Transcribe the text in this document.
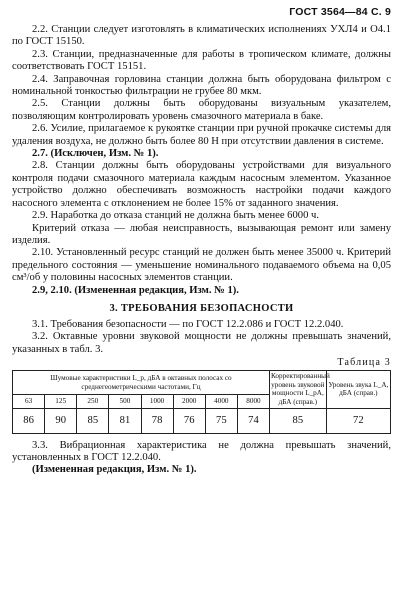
ГОСТ 3564—84 С. 9

2.2. Станции следует изготовлять в климатических исполнениях УХЛ4 и О4.1 по ГОСТ 15150.

2.3. Станции, предназначенные для работы в тропическом климате, должны соответствовать ГОСТ 15151.

2.4. Заправочная горловина станции должна быть оборудована фильтром с номинальной тонкостью фильтрации не грубее 80 мкм.

2.5. Станции должны быть оборудованы визуальным указателем, позволяющим контролировать уровень смазочного материала в баке.

2.6. Усилие, прилагаемое к рукоятке станции при ручной прокачке системы для удаления воздуха, не должно быть более 80 Н при отсутствии давления в системе.

2.7. (Исключен, Изм. № 1).

2.8. Станции должны быть оборудованы устройствами для визуального контроля подачи смазочного материала каждым насосным элементом. Указанное устройство должно обеспечивать возможность настройки подачи каждого насосного элемента с отклонением не более 15% от заданного значения.

2.9. Наработка до отказа станций не должна быть менее 6000 ч.

Критерий отказа — любая неисправность, вызывающая ремонт или замену изделия.

2.10. Установленный ресурс станций не должен быть менее 35000 ч. Критерий предельного состояния — уменьшение номинального подаваемого объема на 0,05 см³/об у половины насосных элементов станции.

2.9, 2.10. (Измененная редакция, Изм. № 1).

3. ТРЕБОВАНИЯ БЕЗОПАСНОСТИ

3.1. Требования безопасности — по ГОСТ 12.2.086 и ГОСТ 12.2.040.

3.2. Октавные уровни звуковой мощности не должны превышать значений, указанных в табл. 3.

Таблица 3
Шумовые характеристики L_p, дБА в октавных полосах со среднегеометрическими частотами, Гц								Корректированный уровень звуковой мощности L_pA, дБА (справ.)	Уровень звука L_A, дБА (справ.)
63	125	250	500	1000	2000	4000	8000		
86	90	85	81	78	76	75	74	85	72

3.3. Вибрационная характеристика не должна превышать значений, установленных в ГОСТ 12.2.040.

(Измененная редакция, Изм. № 1).
